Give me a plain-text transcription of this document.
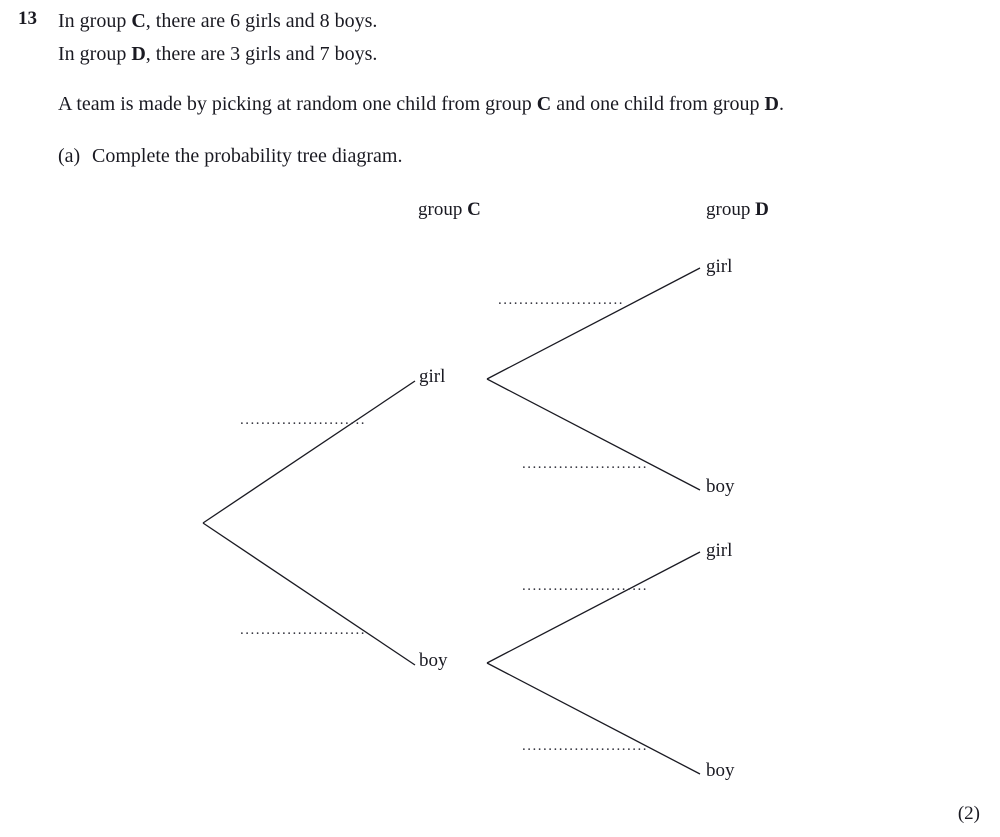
13 In group C, there are 6 girls and 8 boys.
In group D, there are 3 girls and 7 boys.
A team is made by picking at random one child from group C and one child from group D.
(a) Complete the probability tree diagram.
group C	group D
girl
boy
girl
boy
girl
boy
........................
........................
........................
........................
........................
........................
(2)
